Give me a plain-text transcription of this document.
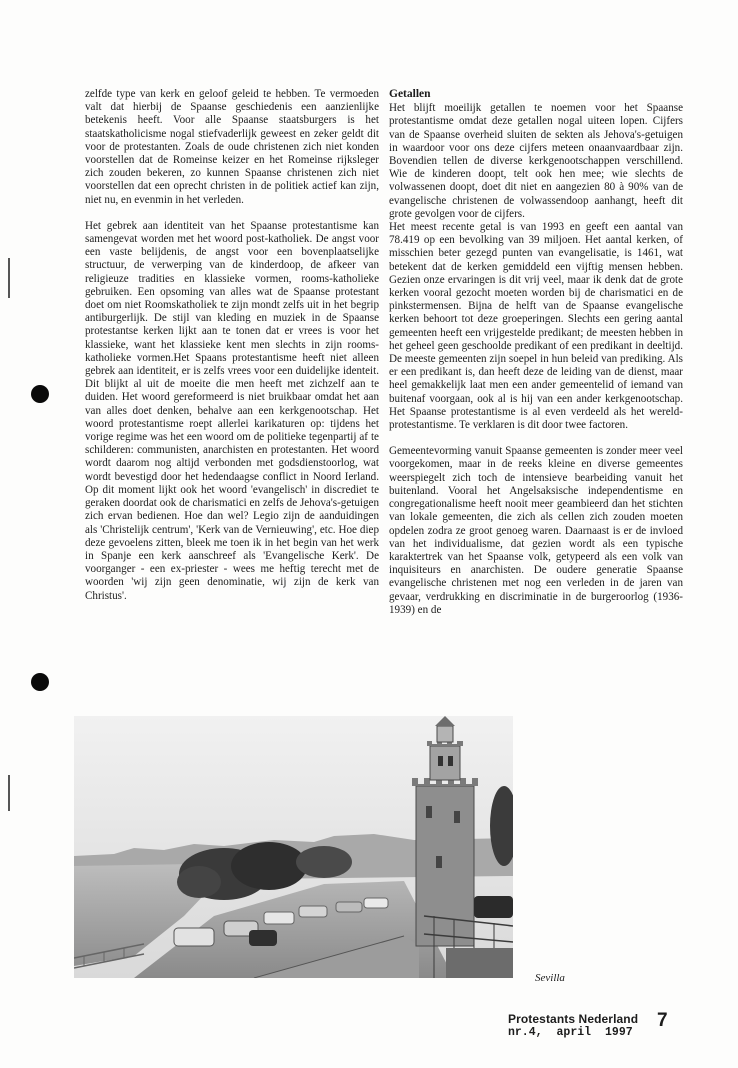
zelfde type van kerk en geloof geleid te hebben. Te vermoeden valt dat hierbij de Spaanse geschiedenis een aanzienlijke betekenis heeft. Voor alle Spaanse staatsburgers is het staatskatholicisme nogal stiefvaderlijk geweest en zeker geldt dit voor de protestanten. Zoals de oude christenen zich niet konden voorstellen dat de Romeinse keizer en het Romeinse rijksleger zich zouden bekeren, zo kunnen Spaanse christenen zich niet voorstellen dat een oprecht christen in de politiek actief kan zijn, niet nu, en evenmin in het verleden.

Het gebrek aan identiteit van het Spaanse protestantisme kan samengevat worden met het woord post-katholiek. De angst voor een vaste belijdenis, de angst voor een bovenplaatselijke structuur, de verwerping van de kinderdoop, de afkeer van religieuze tradities en klassieke vormen, rooms-katholieke gebruiken. Een opsoming van alles wat de Spaanse protestant doet om niet Roomskatholiek te zijn mondt zelfs uit in het begrip antiburgerlijk. De stijl van kleding en muziek in de Spaanse protestantse kerken lijkt aan te tonen dat er vrees is voor het klassieke, want het klassieke kent men slechts in zijn rooms-katholieke vormen.Het Spaans protestantisme heeft niet alleen gebrek aan identiteit, er is zelfs vrees voor een duidelijke identeit. Dit blijkt al uit de moeite die men heeft met zichzelf aan te duiden. Het woord gereformeerd is niet bruikbaar omdat het aan van alles doet denken, behalve aan een kerkgenootschap. Het woord protestantisme roept allerlei karikaturen op: tijdens het vorige regime was het een woord om de politieke tegenpartij af te schilderen: communisten, anarchisten en protestanten. Het woord wordt daarom nog altijd verbonden met godsdienstoorlog, wat wordt bevestigd door het hedendaagse conflict in Noord Ierland. Op dit moment lijkt ook het woord 'evangelisch' in discrediet te geraken doordat ook de charismatici en zelfs de Jehova's-getuigen zich ervan bedienen. Hoe dan wel? Legio zijn de aanduidingen als 'Christelijk centrum', 'Kerk van de Vernieuwing', etc. Hoe diep deze gevoelens zitten, bleek me toen ik in het begin van het werk in Spanje een kerk aanschreef als 'Evangelische Kerk'. De voorganger - een ex-priester - wees me heftig terecht met de woorden 'wij zijn geen denominatie, wij zijn de kerk van Christus'.

Getallen

Het blijft moeilijk getallen te noemen voor het Spaanse protestantisme omdat deze getallen nogal uiteen lopen. Cijfers van de Spaanse overheid sluiten de sekten als Jehova's-getuigen in waardoor voor ons deze cijfers meteen onaanvaardbaar zijn. Bovendien tellen de diverse kerkgenootschappen verschillend. Wie de kinderen doopt, telt ook hen mee; wie slechts de volwassenen doopt, doet dit niet en aangezien 80 à 90% van de evangelische christenen de volwassendoop aanhangt, heeft dit grote gevolgen voor de cijfers.

Het meest recente getal is van 1993 en geeft een aantal van 78.419 op een bevolking van 39 miljoen. Het aantal kerken, of misschien beter gezegd punten van evangelisatie, is 1461, wat betekent dat de kerken gemiddeld een vijftig mensen hebben. Gezien onze ervaringen is dit vrij veel, maar ik denk dat de grote kerken vooral gezocht moeten worden bij de charismatici en de pinkstermensen. Bijna de helft van de Spaanse evangelische kerken behoort tot deze groeperingen. Slechts een gering aantal gemeenten heeft een vrijgestelde predikant; de meesten hebben in het geheel geen geschoolde predikant of een predikant in deeltijd. De meeste gemeenten zijn soepel in hun beleid van prediking. Als er een predikant is, dan heeft deze de leiding van de dienst, maar heel gemakkelijk laat men een ander gemeentelid of iemand van buitenaf voorgaan, ook al is hij van een ander kerkgenootschap. Het Spaanse protestantisme is al even verdeeld als het wereld-protestantisme. Te verklaren is dit door twee factoren.

Gemeentevorming vanuit Spaanse gemeenten is zonder meer veel voorgekomen, maar in de reeks kleine en diverse gemeentes weerspiegelt zich toch de intensieve bearbeiding vanuit het buitenland. Vooral het Angelsaksische independentisme en congregationalisme heeft nooit meer geambieerd dan het stichten van lokale gemeenten, die zich als cellen zich zouden moeten opdelen zodra ze groot genoeg waren. Daarnaast is er de invloed van het individualisme, dat gezien wordt als een typische karaktertrek van het Spaanse volk, getypeerd als een volk van inquisiteurs en anarchisten. De oudere generatie Spaanse evangelische christenen met nog een verleden in de jaren van gevaar, verdrukking en discriminatie in de burgeroorlog (1936-1939) en de

Sevilla
Protestants Nederland
nr.4, april 1997
7
